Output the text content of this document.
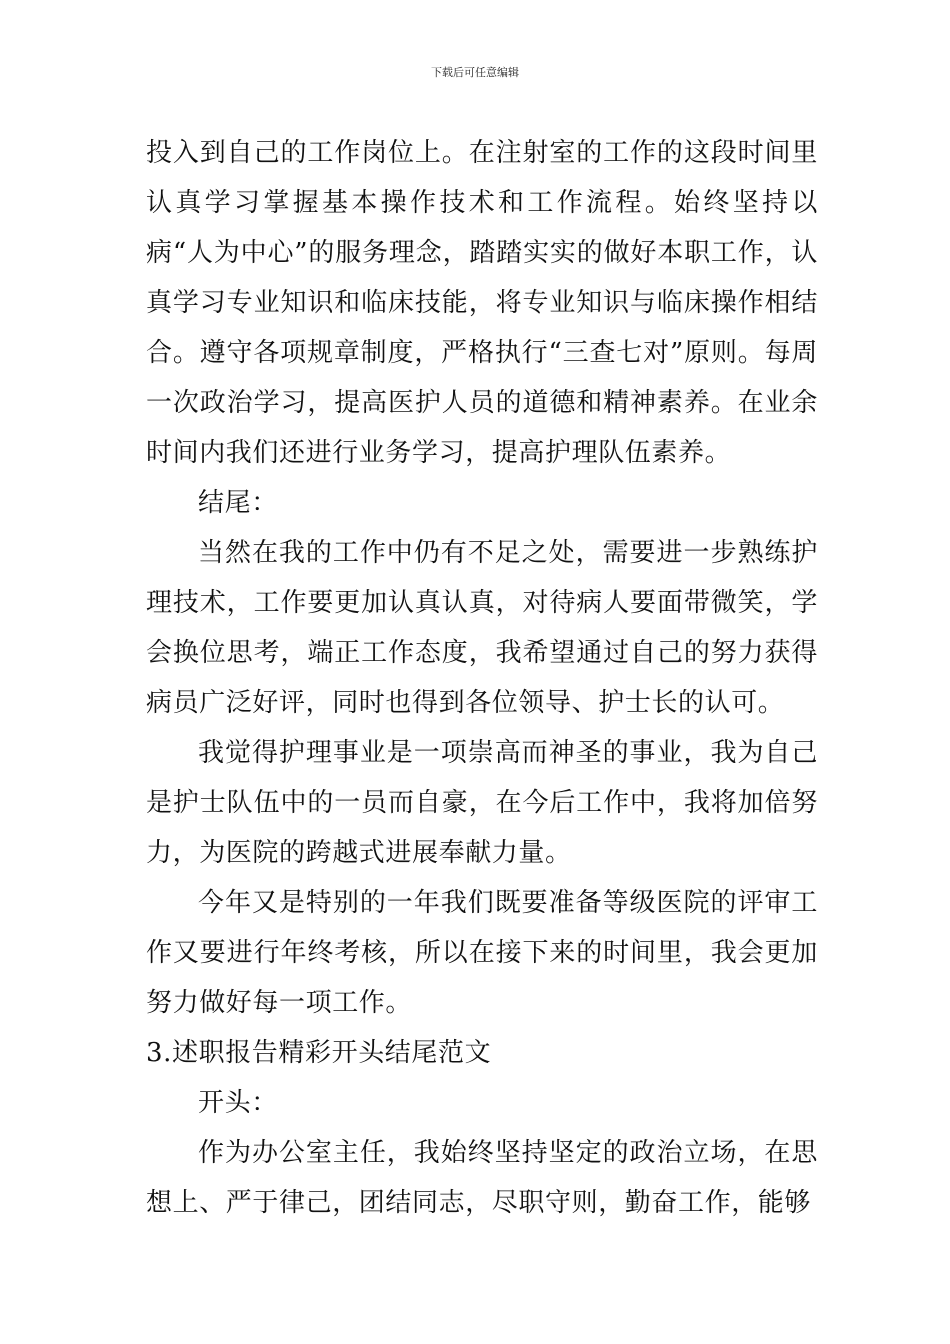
下载后可任意编辑

投入到自己的工作岗位上。在注射室的工作的这段时间里认真学习掌握基本操作技术和工作流程。始终坚持以病“人为中心”的服务理念，踏踏实实的做好本职工作，认真学习专业知识和临床技能，将专业知识与临床操作相结合。遵守各项规章制度，严格执行“三查七对”原则。每周一次政治学习，提高医护人员的道德和精神素养。在业余时间内我们还进行业务学习，提高护理队伍素养。

结尾：

当然在我的工作中仍有不足之处，需要进一步熟练护理技术，工作要更加认真认真，对待病人要面带微笑，学会换位思考，端正工作态度，我希望通过自己的努力获得病员广泛好评，同时也得到各位领导、护士长的认可。

我觉得护理事业是一项崇高而神圣的事业，我为自己是护士队伍中的一员而自豪，在今后工作中，我将加倍努力，为医院的跨越式进展奉献力量。

今年又是特别的一年我们既要准备等级医院的评审工作又要进行年终考核，所以在接下来的时间里，我会更加努力做好每一项工作。

3.述职报告精彩开头结尾范文

开头：

作为办公室主任，我始终坚持坚定的政治立场，在思想上、严于律己，团结同志，尽职守则，勤奋工作，能够
